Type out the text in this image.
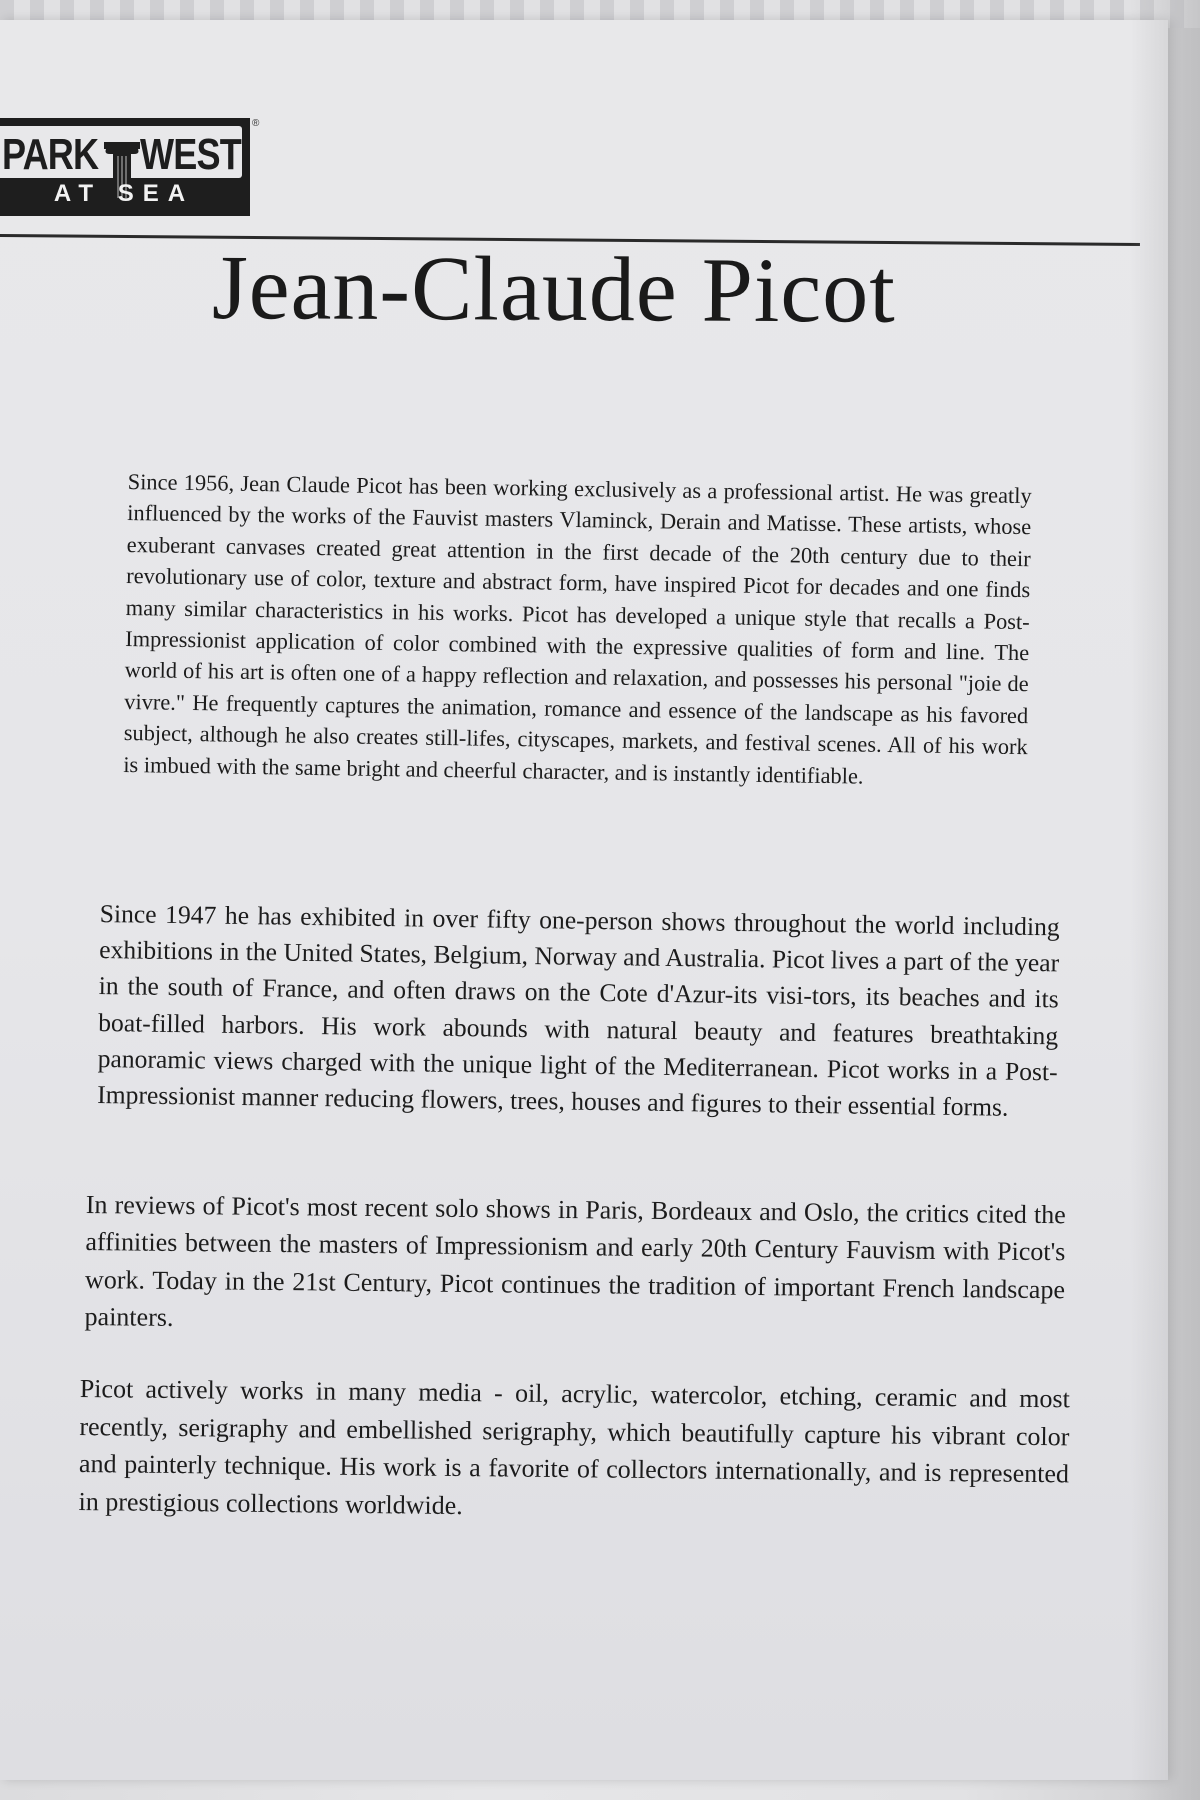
PARK WEST
AT SEA
®
Jean-Claude Picot

Since 1956, Jean Claude Picot has been working exclusively as a professional artist. He was greatly influenced by the works of the Fauvist masters Vlaminck, Derain and Matisse. These artists, whose exuberant canvases created great attention in the first decade of the 20th century due to their revolutionary use of color, texture and abstract form, have inspired Picot for decades and one finds many similar characteristics in his works. Picot has developed a unique style that recalls a Post-Impressionist application of color combined with the expressive qualities of form and line. The world of his art is often one of a happy reflection and relaxation, and possesses his personal "joie de vivre." He frequently captures the animation, romance and essence of the landscape as his favored subject, although he also creates still-lifes, cityscapes, markets, and festival scenes. All of his work is imbued with the same bright and cheerful character, and is instantly identifiable.

Since 1947 he has exhibited in over fifty one-person shows throughout the world including exhibitions in the United States, Belgium, Norway and Australia. Picot lives a part of the year in the south of France, and often draws on the Cote d'Azur-its visi-tors, its beaches and its boat-filled harbors. His work abounds with natural beauty and features breathtaking panoramic views charged with the unique light of the Mediterranean. Picot works in a Post-Impressionist manner reducing flowers, trees, houses and figures to their essential forms.

In reviews of Picot's most recent solo shows in Paris, Bordeaux and Oslo, the critics cited the affinities between the masters of Impressionism and early 20th Century Fauvism with Picot's work. Today in the 21st Century, Picot continues the tradition of important French landscape painters.

Picot actively works in many media - oil, acrylic, watercolor, etching, ceramic and most recently, serigraphy and embellished serigraphy, which beautifully capture his vibrant color and painterly technique. His work is a favorite of collectors internationally, and is represented in prestigious collections worldwide.
